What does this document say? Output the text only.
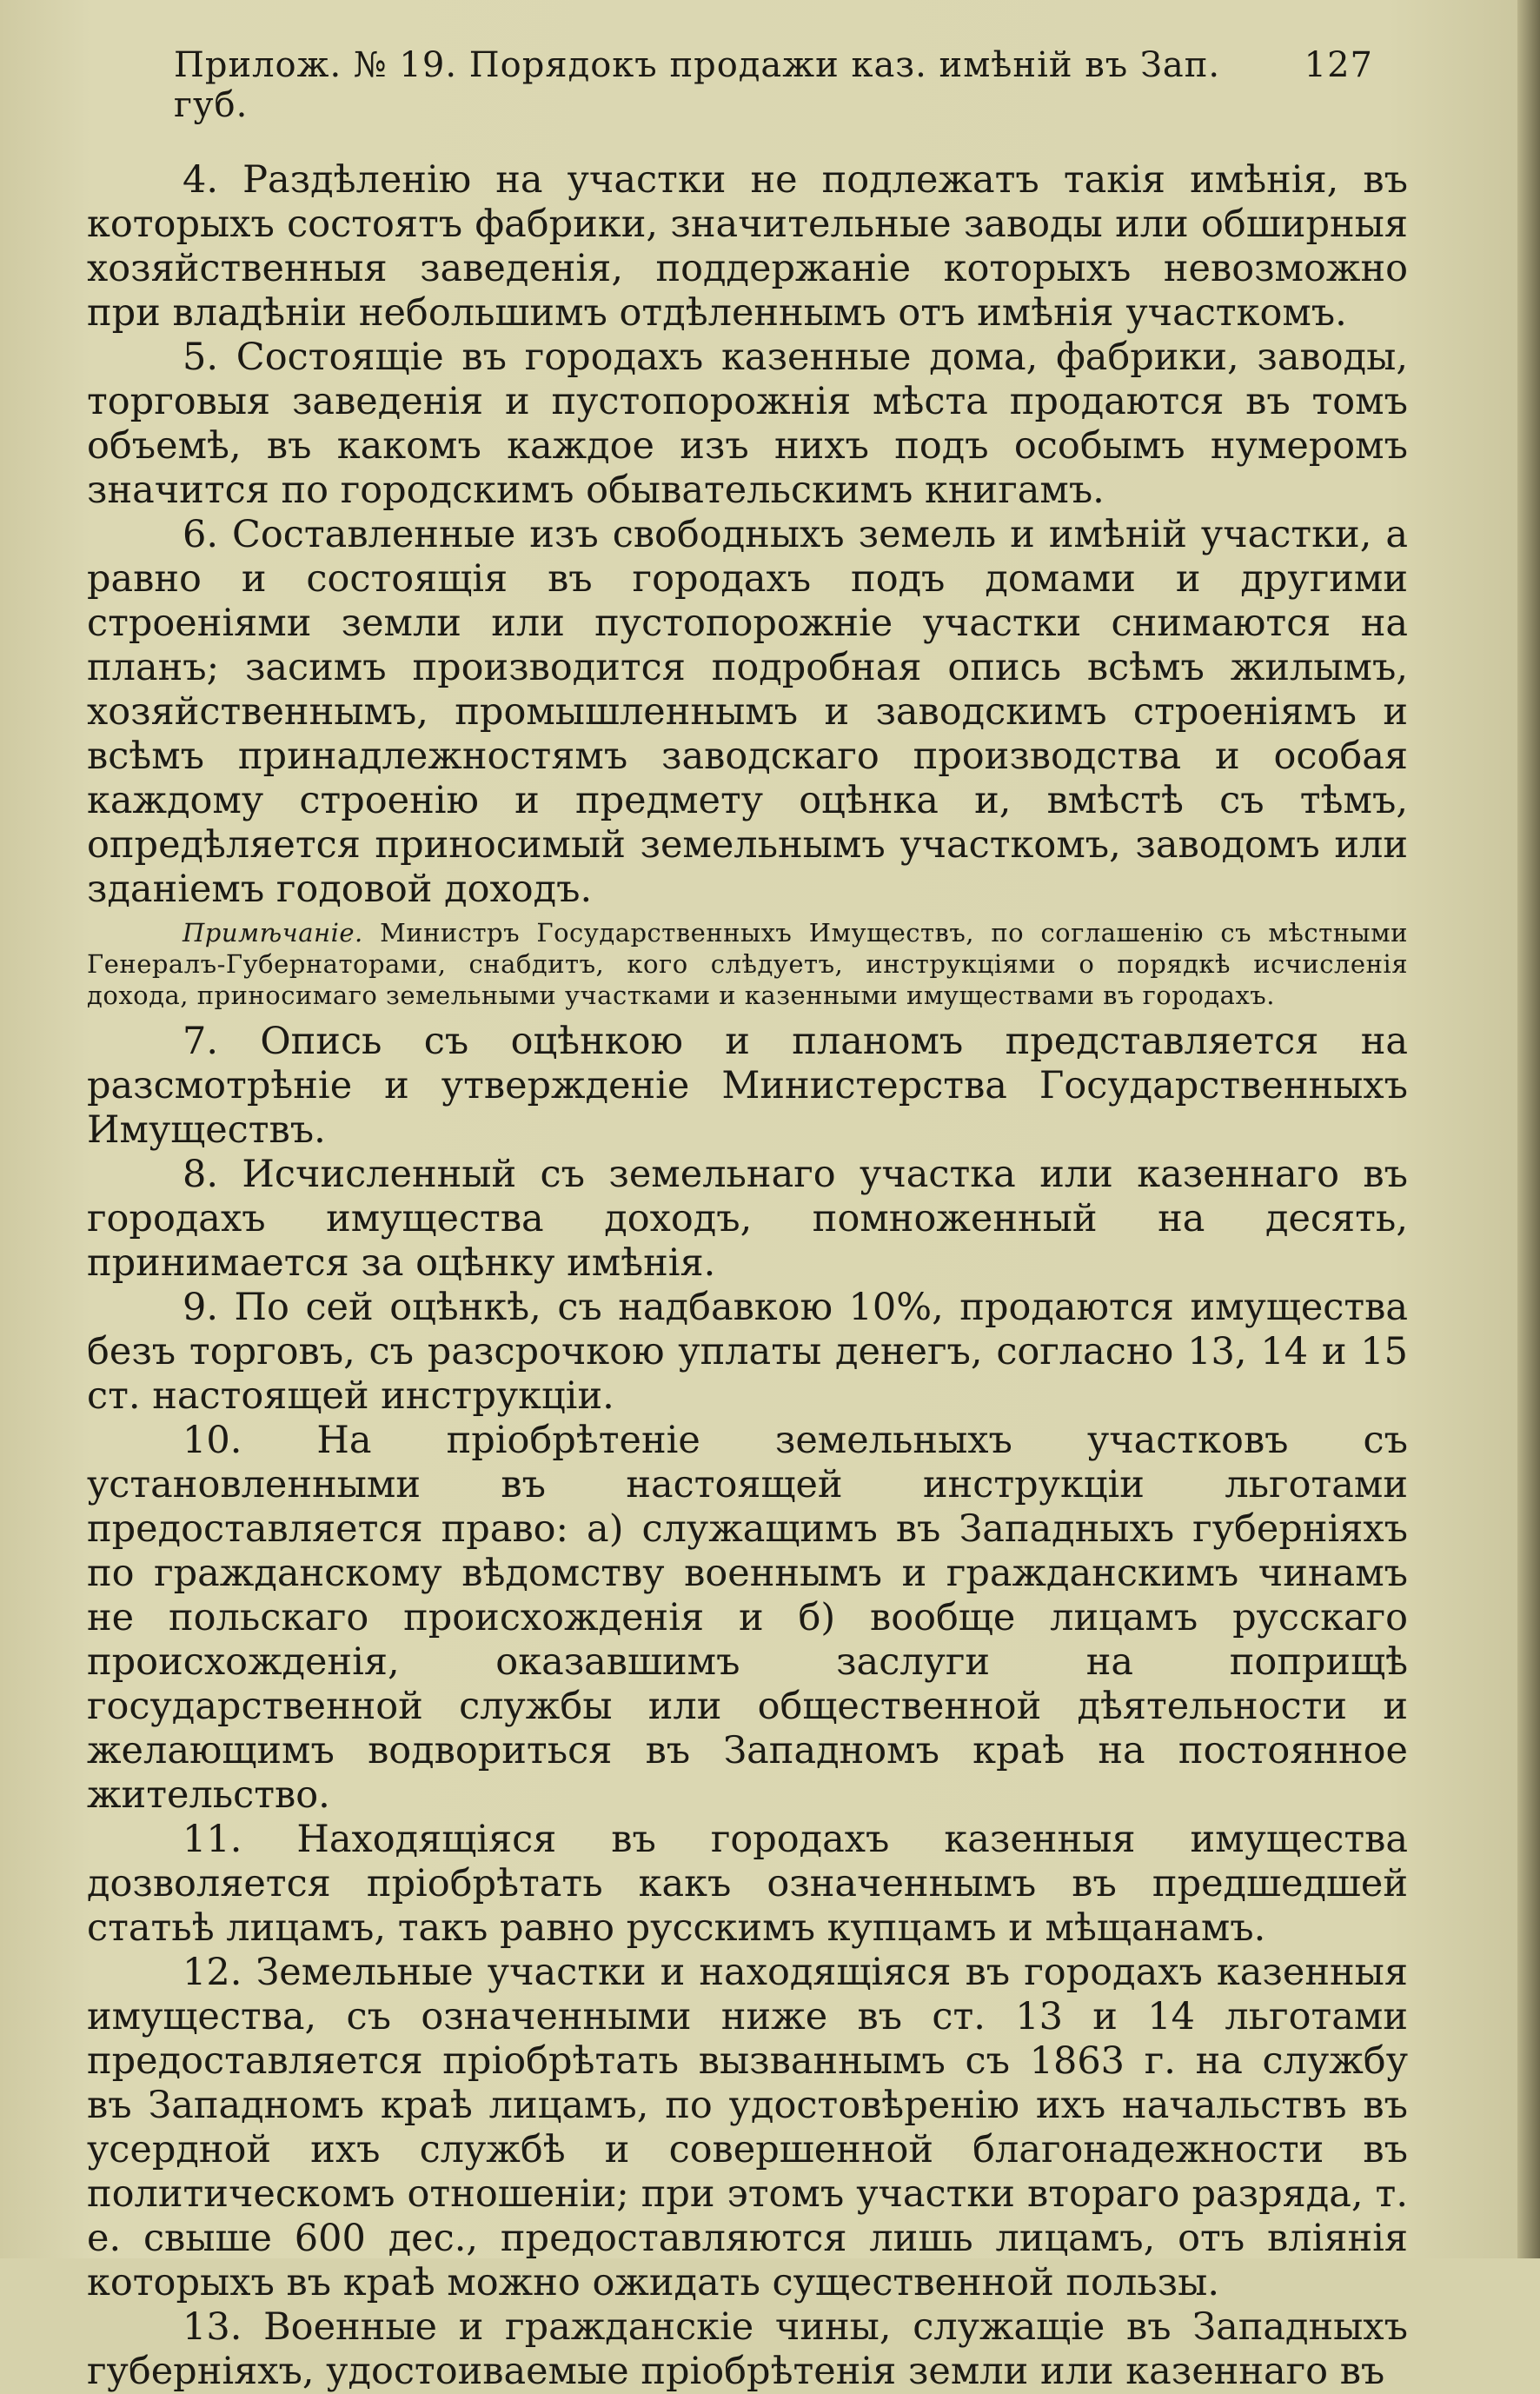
Прилож. № 19. Порядокъ продажи каз. имѣній въ Зап. губ.
127

4. Раздѣленію на участки не подлежатъ такія имѣнія, въ которыхъ состоятъ фабрики, значительные заводы или обширныя хозяйственныя заведенія, поддержаніе которыхъ невозможно при владѣніи небольшимъ отдѣленнымъ отъ имѣнія участкомъ.

5. Состоящіе въ городахъ казенные дома, фабрики, заводы, торговыя заведенія и пустопорожнія мѣста продаются въ томъ объемѣ, въ какомъ каждое изъ нихъ подъ особымъ нумеромъ значится по городскимъ обывательскимъ книгамъ.

6. Составленные изъ свободныхъ земель и имѣній участки, а равно и состоящія въ городахъ подъ домами и другими строеніями земли или пустопорожніе участки снимаются на планъ; засимъ производится подробная опись всѣмъ жилымъ, хозяйственнымъ, промышленнымъ и заводскимъ строеніямъ и всѣмъ принадлежностямъ заводскаго производства и особая каждому строенію и предмету оцѣнка и, вмѣстѣ съ тѣмъ, опредѣляется приносимый земельнымъ участкомъ, заводомъ или зданіемъ годовой доходъ.

Примѣчаніе. Министръ Государственныхъ Имуществъ, по соглашенію съ мѣстными Генералъ-Губернаторами, снабдитъ, кого слѣдуетъ, инструкціями о порядкѣ исчисленія дохода, приносимаго земельными участками и казенными имуществами въ городахъ.

7. Опись съ оцѣнкою и планомъ представляется на разсмотрѣніе и утвержденіе Министерства Государственныхъ Имуществъ.

8. Исчисленный съ земельнаго участка или казеннаго въ городахъ имущества доходъ, помноженный на десять, принимается за оцѣнку имѣнія.

9. По сей оцѣнкѣ, съ надбавкою 10%, продаются имущества безъ торговъ, съ разсрочкою уплаты денегъ, согласно 13, 14 и 15 ст. настоящей инструкціи.

10. На пріобрѣтеніе земельныхъ участковъ съ установленными въ настоящей инструкціи льготами предоставляется право: а) служащимъ въ Западныхъ губерніяхъ по гражданскому вѣдомству военнымъ и гражданскимъ чинамъ не польскаго происхожденія и б) вообще лицамъ русскаго происхожденія, оказавшимъ заслуги на поприщѣ государственной службы или общественной дѣятельности и желающимъ водвориться въ Западномъ краѣ на постоянное жительство.

11. Находящіяся въ городахъ казенныя имущества дозволяется пріобрѣтать какъ означеннымъ въ предшедшей статьѣ лицамъ, такъ равно русскимъ купцамъ и мѣщанамъ.

12. Земельные участки и находящіяся въ городахъ казенныя имущества, съ означенными ниже въ ст. 13 и 14 льготами предоставляется пріобрѣтать вызваннымъ съ 1863 г. на службу въ Западномъ краѣ лицамъ, по удостовѣренію ихъ начальствъ въ усердной ихъ службѣ и совершенной благонадежности въ политическомъ отношеніи; при этомъ участки втораго разряда, т. е. свыше 600 дес., предоставляются лишь лицамъ, отъ вліянія которыхъ въ краѣ можно ожидать существенной пользы.

13. Военные и гражданскіе чины, служащіе въ Западныхъ губерніяхъ, удостоиваемые пріобрѣтенія земли или казеннаго въ
